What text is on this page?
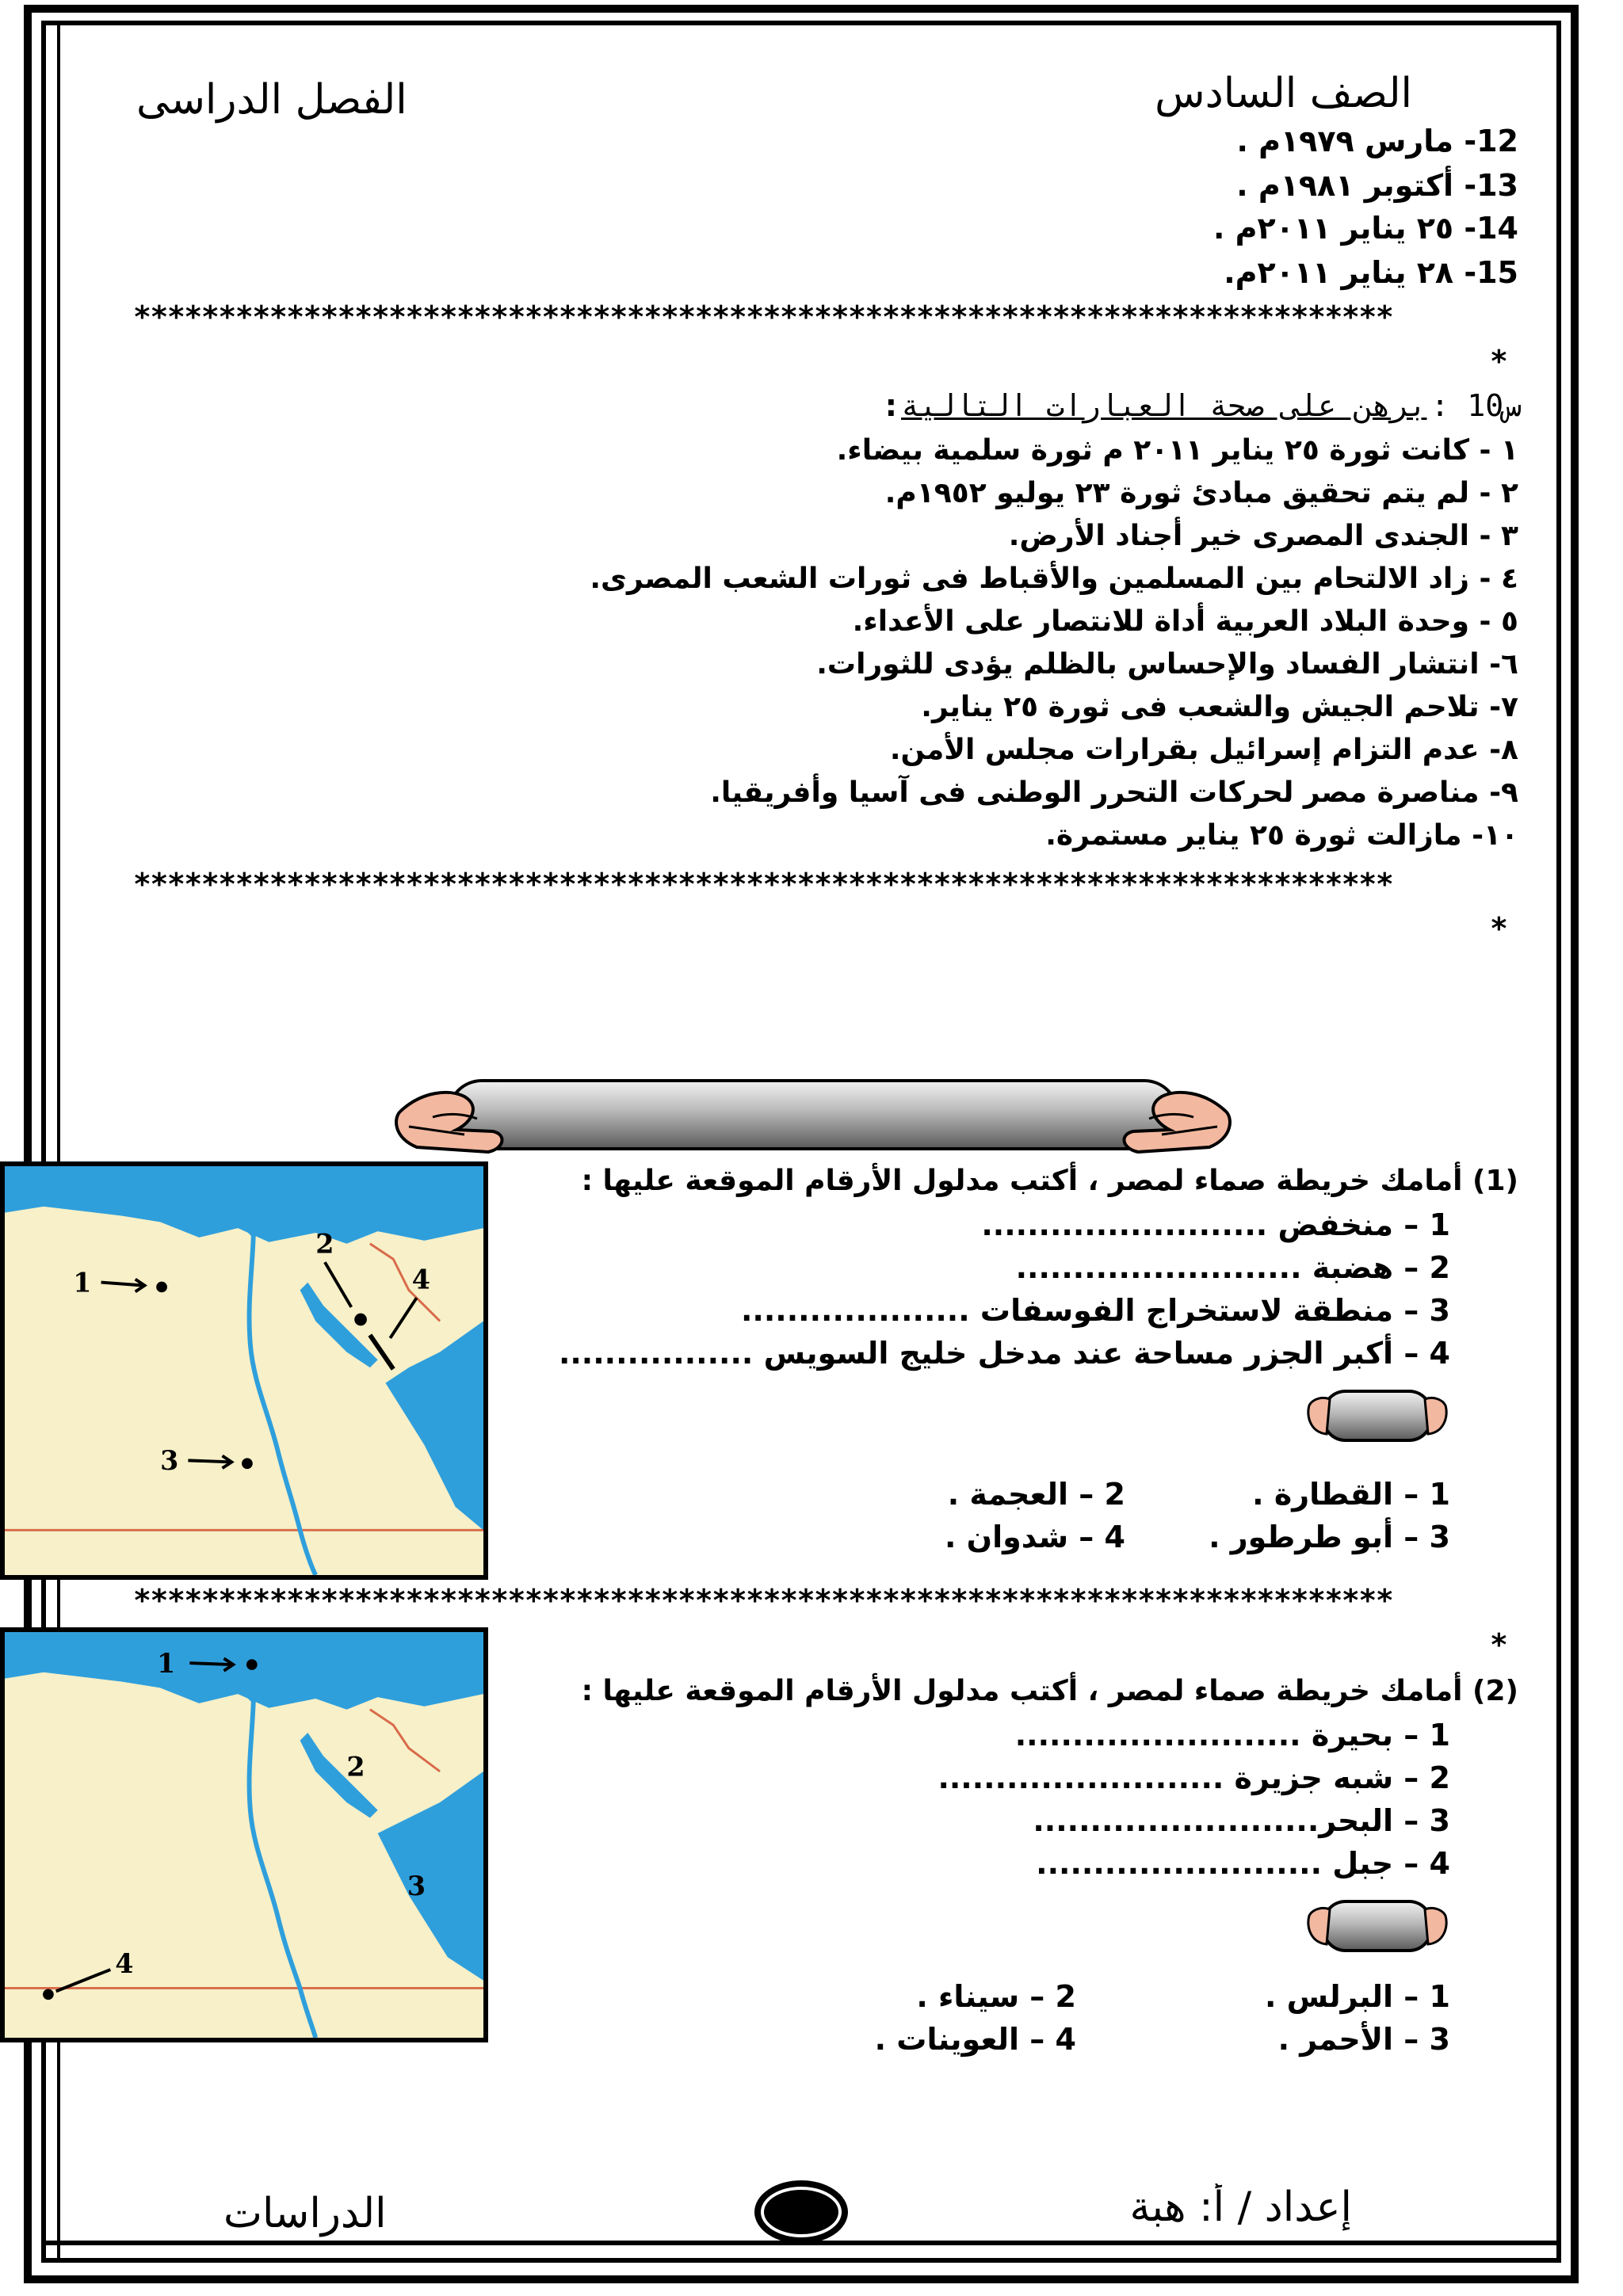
الصف السادس
الفصل الدراسى
12- مارس ١٩٧٩م .
13- أكتوبر ١٩٨١م .
14- ٢٥ يناير ٢٠١١م .
15- ٢٨ يناير ٢٠١١م.
**************************************************************************
*
س10 : برهن على صحة العبارات التالية :
١ - كانت ثورة ٢٥ يناير ٢٠١١ م ثورة سلمية بيضاء.
٢ - لم يتم تحقيق مبادئ ثورة ٢٣ يوليو ١٩٥٢م.
٣ - الجندى المصرى خير أجناد الأرض.
٤ - زاد الالتحام بين المسلمين والأقباط فى ثورات الشعب المصرى.
٥ - وحدة البلاد العربية أداة للانتصار على الأعداء.
٦- انتشار الفساد والإحساس بالظلم يؤدى للثورات.
٧- تلاحم الجيش والشعب فى ثورة ٢٥ يناير.
٨- عدم التزام إسرائيل بقرارات مجلس الأمن.
٩- مناصرة مصر لحركات التحرر الوطنى فى آسيا وأفريقيا.
١٠- مازالت ثورة ٢٥ يناير مستمرة.
**************************************************************************
*
1
2
4
3
(1) أمامك خريطة صماء لمصر ، أكتب مدلول الأرقام الموقعة عليها :
1 – منخفض .........................
2 – هضبة .........................
3 – منطقة لاستخراج الفوسفات ....................
4 – أكبر الجزر مساحة عند مدخل خليج السويس .................
1 – القطارة .
2 – العجمة .
3 – أبو طرطور .
4 – شدوان .
**************************************************************************
*
1
2
3
4
(2) أمامك خريطة صماء لمصر ، أكتب مدلول الأرقام الموقعة عليها :
1 – بحيرة .........................
2 – شبه جزيرة .........................
3 – البحر.........................
4 – جبل .........................
1 – البرلس .
2 – سيناء .
3 – الأحمر .
4 – العوينات .
إعداد / أ: هبة
الدراسات
